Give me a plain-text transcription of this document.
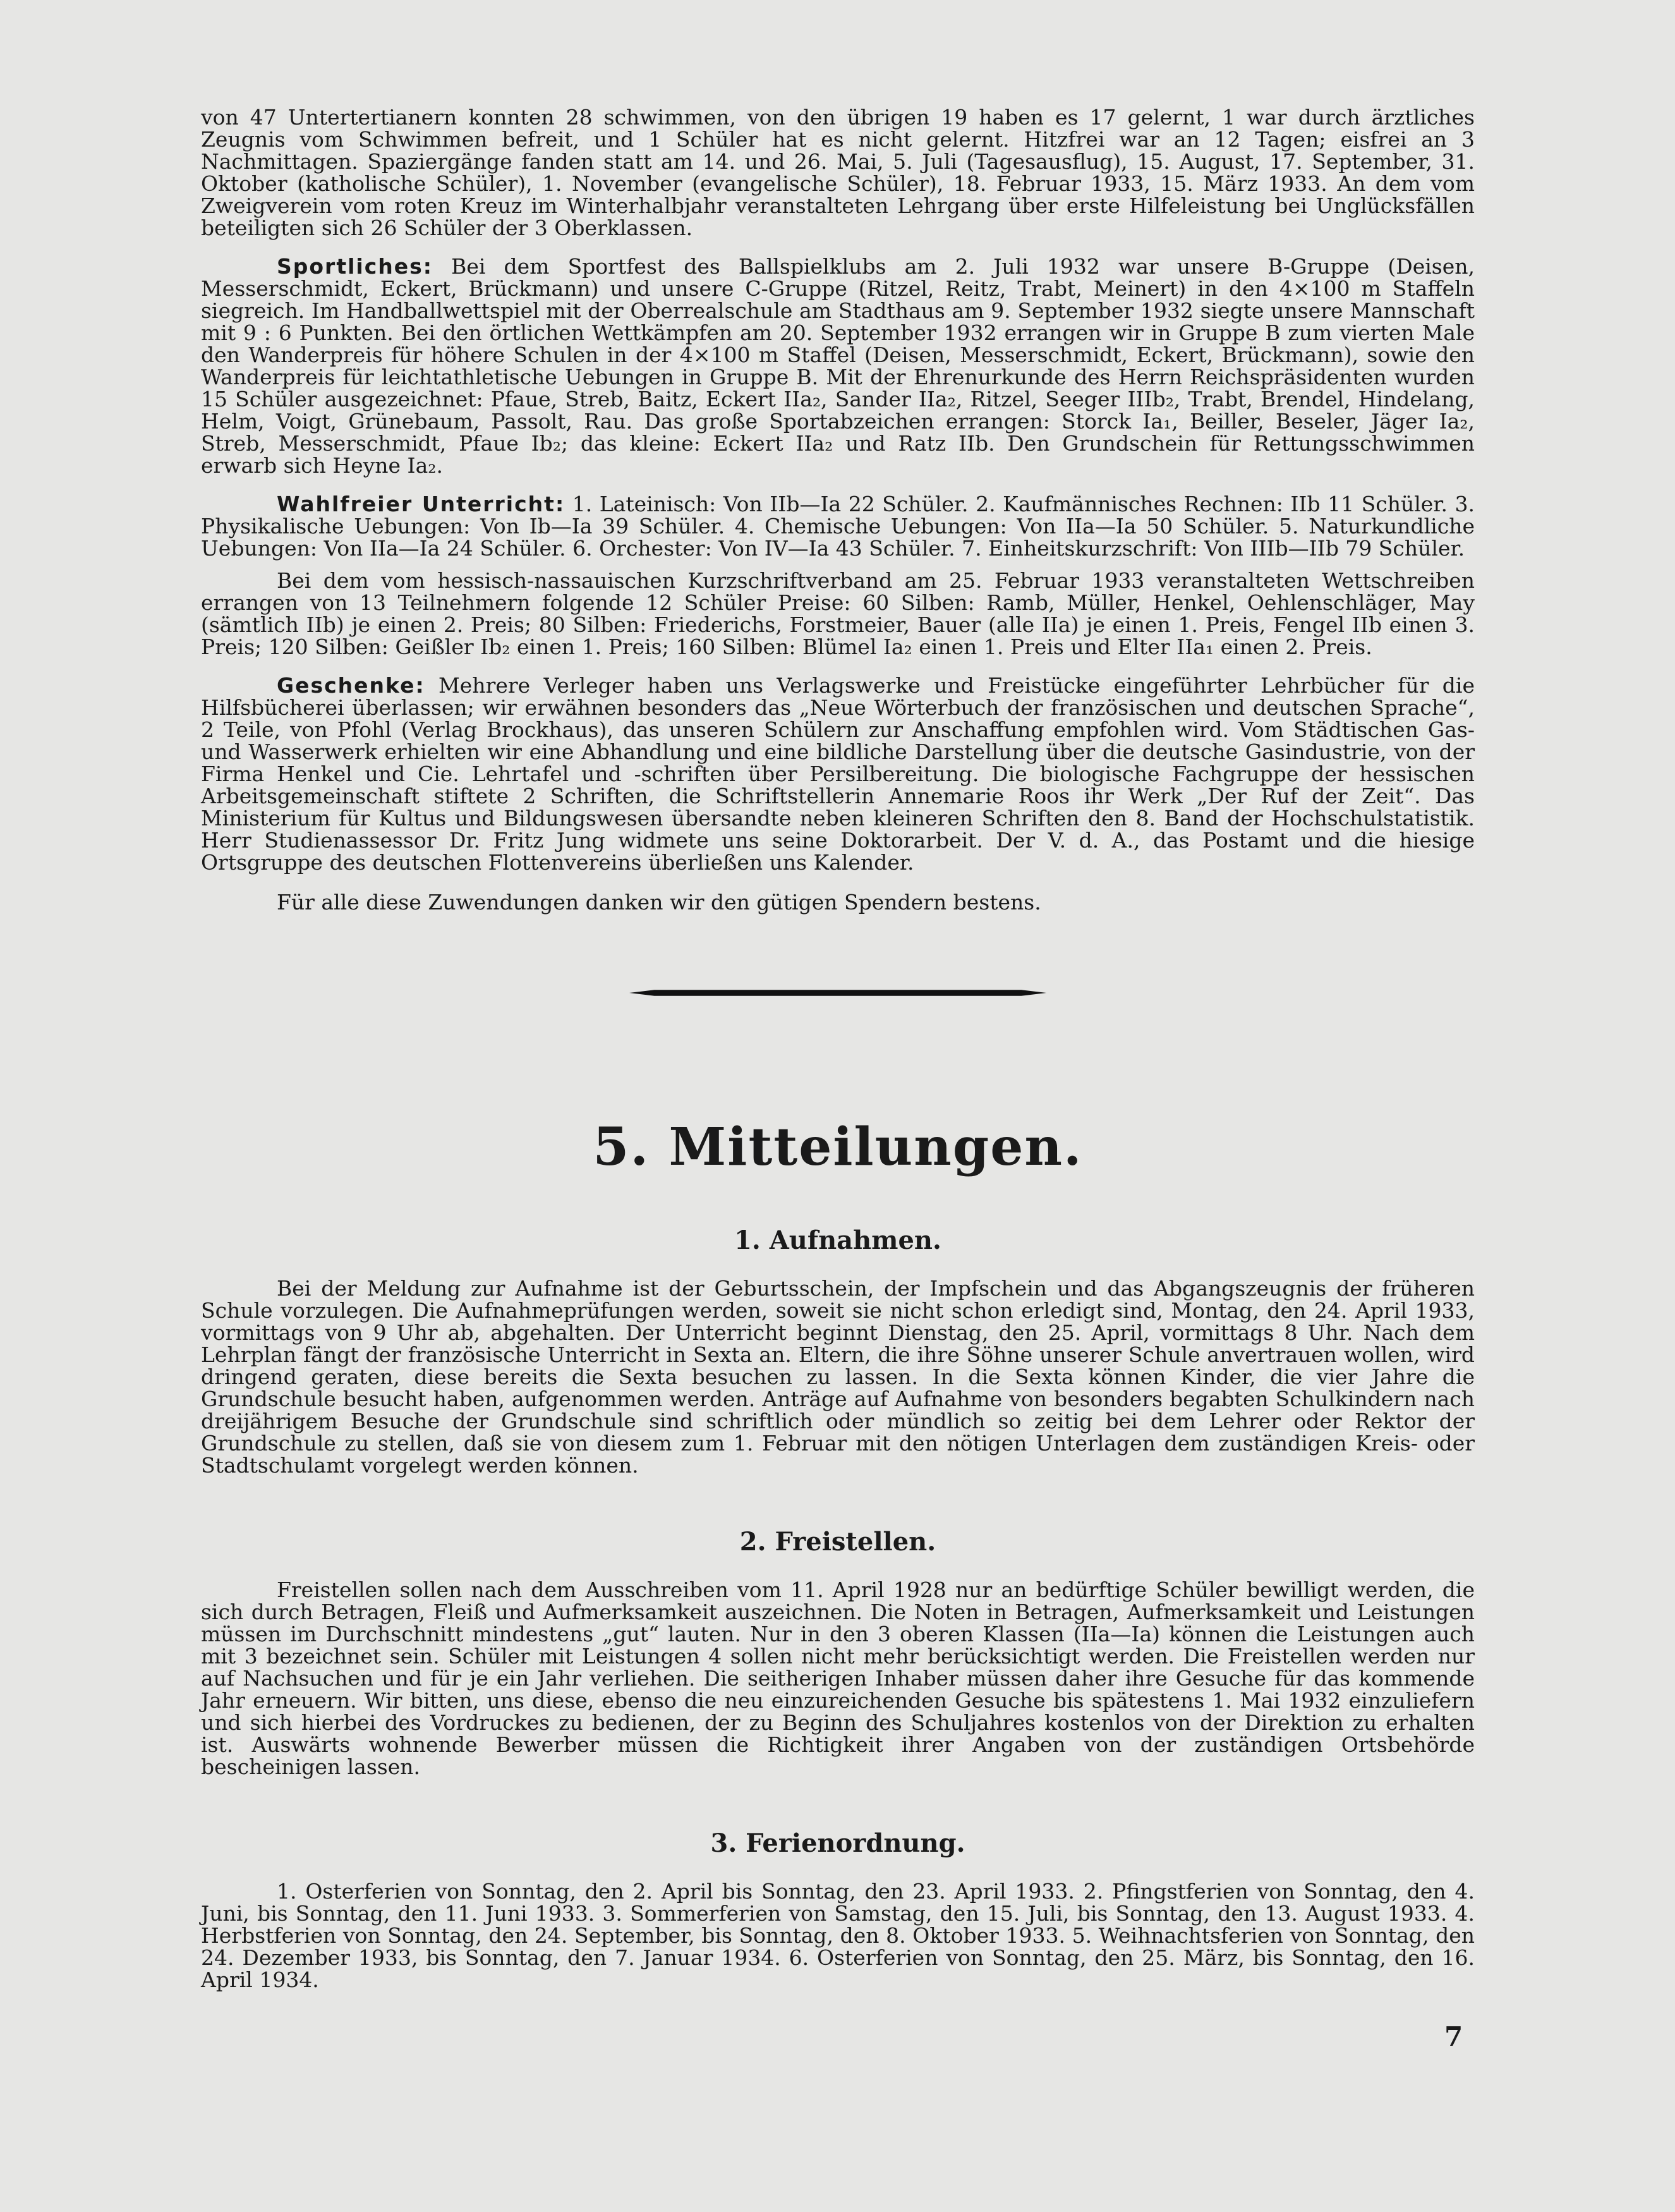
von 47 Untertertianern konnten 28 schwimmen, von den übrigen 19 haben es 17 gelernt, 1 war durch ärztliches Zeugnis vom Schwimmen befreit, und 1 Schüler hat es nicht gelernt. Hitzfrei war an 12 Tagen; eisfrei an 3 Nachmittagen. Spaziergänge fanden statt am 14. und 26. Mai, 5. Juli (Tagesausflug), 15. August, 17. September, 31. Oktober (katholische Schüler), 1. November (evangelische Schüler), 18. Februar 1933, 15. März 1933. An dem vom Zweigverein vom roten Kreuz im Winterhalbjahr veranstalteten Lehrgang über erste Hilfeleistung bei Unglücksfällen beteiligten sich 26 Schüler der 3 Oberklassen.

Sportliches: Bei dem Sportfest des Ballspielklubs am 2. Juli 1932 war unsere B-Gruppe (Deisen, Messerschmidt, Eckert, Brückmann) und unsere C-Gruppe (Ritzel, Reitz, Trabt, Meinert) in den 4×100 m Staffeln siegreich. Im Handballwettspiel mit der Oberrealschule am Stadthaus am 9. September 1932 siegte unsere Mannschaft mit 9 : 6 Punkten. Bei den örtlichen Wettkämpfen am 20. September 1932 errangen wir in Gruppe B zum vierten Male den Wanderpreis für höhere Schulen in der 4×100 m Staffel (Deisen, Messerschmidt, Eckert, Brückmann), sowie den Wanderpreis für leichtathletische Uebungen in Gruppe B. Mit der Ehrenurkunde des Herrn Reichspräsidenten wurden 15 Schüler ausgezeichnet: Pfaue, Streb, Baitz, Eckert IIa₂, Sander IIa₂, Ritzel, Seeger IIIb₂, Trabt, Brendel, Hindelang, Helm, Voigt, Grünebaum, Passolt, Rau. Das große Sportabzeichen errangen: Storck Ia₁, Beiller, Beseler, Jäger Ia₂, Streb, Messerschmidt, Pfaue Ib₂; das kleine: Eckert IIa₂ und Ratz IIb. Den Grundschein für Rettungsschwimmen erwarb sich Heyne Ia₂.

Wahlfreier Unterricht: 1. Lateinisch: Von IIb—Ia 22 Schüler. 2. Kaufmännisches Rechnen: IIb 11 Schüler. 3. Physikalische Uebungen: Von Ib—Ia 39 Schüler. 4. Chemische Uebungen: Von IIa—Ia 50 Schüler. 5. Naturkundliche Uebungen: Von IIa—Ia 24 Schüler. 6. Orchester: Von IV—Ia 43 Schüler. 7. Einheitskurzschrift: Von IIIb—IIb 79 Schüler.

Bei dem vom hessisch-nassauischen Kurzschriftverband am 25. Februar 1933 veranstalteten Wettschreiben errangen von 13 Teilnehmern folgende 12 Schüler Preise: 60 Silben: Ramb, Müller, Henkel, Oehlenschläger, May (sämtlich IIb) je einen 2. Preis; 80 Silben: Friederichs, Forstmeier, Bauer (alle IIa) je einen 1. Preis, Fengel IIb einen 3. Preis; 120 Silben: Geißler Ib₂ einen 1. Preis; 160 Silben: Blümel Ia₂ einen 1. Preis und Elter IIa₁ einen 2. Preis.

Geschenke: Mehrere Verleger haben uns Verlagswerke und Freistücke eingeführter Lehrbücher für die Hilfsbücherei überlassen; wir erwähnen besonders das „Neue Wörterbuch der französischen und deutschen Sprache“, 2 Teile, von Pfohl (Verlag Brockhaus), das unseren Schülern zur Anschaffung empfohlen wird. Vom Städtischen Gas- und Wasserwerk erhielten wir eine Abhandlung und eine bildliche Darstellung über die deutsche Gasindustrie, von der Firma Henkel und Cie. Lehrtafel und -schriften über Persilbereitung. Die biologische Fachgruppe der hessischen Arbeitsgemeinschaft stiftete 2 Schriften, die Schriftstellerin Annemarie Roos ihr Werk „Der Ruf der Zeit“. Das Ministerium für Kultus und Bildungswesen übersandte neben kleineren Schriften den 8. Band der Hochschulstatistik. Herr Studienassessor Dr. Fritz Jung widmete uns seine Doktorarbeit. Der V. d. A., das Postamt und die hiesige Ortsgruppe des deutschen Flottenvereins überließen uns Kalender.

Für alle diese Zuwendungen danken wir den gütigen Spendern bestens.

5. Mitteilungen.
1. Aufnahmen.

Bei der Meldung zur Aufnahme ist der Geburtsschein, der Impfschein und das Abgangszeugnis der früheren Schule vorzulegen. Die Aufnahmeprüfungen werden, soweit sie nicht schon erledigt sind, Montag, den 24. April 1933, vormittags von 9 Uhr ab, abgehalten. Der Unterricht beginnt Dienstag, den 25. April, vormittags 8 Uhr. Nach dem Lehrplan fängt der französische Unterricht in Sexta an. Eltern, die ihre Söhne unserer Schule anvertrauen wollen, wird dringend geraten, diese bereits die Sexta besuchen zu lassen. In die Sexta können Kinder, die vier Jahre die Grundschule besucht haben, aufgenommen werden. Anträge auf Aufnahme von besonders begabten Schulkindern nach dreijährigem Besuche der Grundschule sind schriftlich oder mündlich so zeitig bei dem Lehrer oder Rektor der Grundschule zu stellen, daß sie von diesem zum 1. Februar mit den nötigen Unterlagen dem zuständigen Kreis- oder Stadtschulamt vorgelegt werden können.

2. Freistellen.

Freistellen sollen nach dem Ausschreiben vom 11. April 1928 nur an bedürftige Schüler bewilligt werden, die sich durch Betragen, Fleiß und Aufmerksamkeit auszeichnen. Die Noten in Betragen, Aufmerksamkeit und Leistungen müssen im Durchschnitt mindestens „gut“ lauten. Nur in den 3 oberen Klassen (IIa—Ia) können die Leistungen auch mit 3 bezeichnet sein. Schüler mit Leistungen 4 sollen nicht mehr berücksichtigt werden. Die Freistellen werden nur auf Nachsuchen und für je ein Jahr verliehen. Die seitherigen Inhaber müssen daher ihre Gesuche für das kommende Jahr erneuern. Wir bitten, uns diese, ebenso die neu einzureichenden Gesuche bis spätestens 1. Mai 1932 einzuliefern und sich hierbei des Vordruckes zu bedienen, der zu Beginn des Schuljahres kostenlos von der Direktion zu erhalten ist. Auswärts wohnende Bewerber müssen die Richtigkeit ihrer Angaben von der zuständigen Ortsbehörde bescheinigen lassen.

3. Ferienordnung.

1. Osterferien von Sonntag, den 2. April bis Sonntag, den 23. April 1933. 2. Pfingstferien von Sonntag, den 4. Juni, bis Sonntag, den 11. Juni 1933. 3. Sommerferien von Samstag, den 15. Juli, bis Sonntag, den 13. August 1933. 4. Herbstferien von Sonntag, den 24. September, bis Sonntag, den 8. Oktober 1933. 5. Weihnachtsferien von Sonntag, den 24. Dezember 1933, bis Sonntag, den 7. Januar 1934. 6. Osterferien von Sonntag, den 25. März, bis Sonntag, den 16. April 1934.

7
